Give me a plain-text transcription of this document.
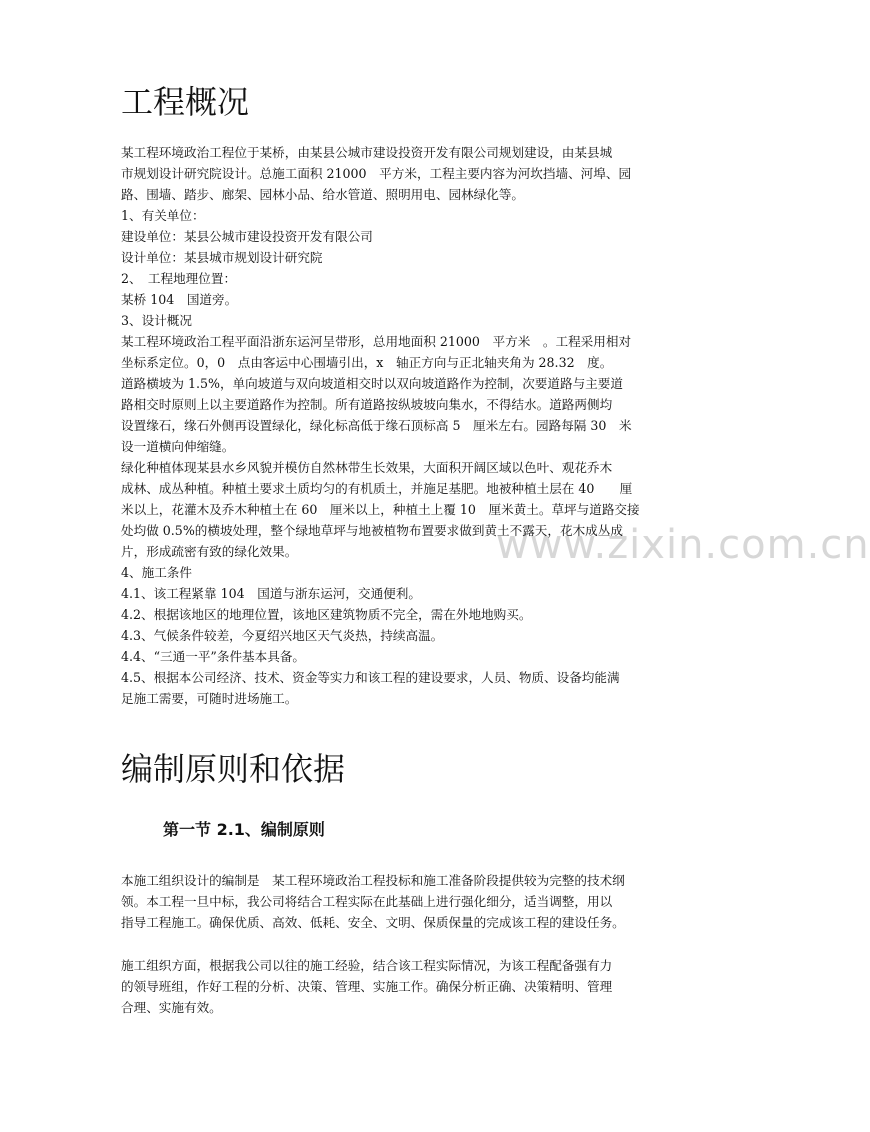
www.zixin.com.cn
工程概况
某工程环境政治工程位于某桥，由某县公城市建设投资开发有限公司规划建设，由某县城
市规划设计研究院设计。总施工面积 21000　平方米，工程主要内容为河坎挡墙、河埠、园
路、围墙、踏步、廊架、园林小品、给水管道、照明用电、园林绿化等。
1、有关单位：
建设单位：某县公城市建设投资开发有限公司
设计单位：某县城市规划设计研究院
2、　工程地理位置：
某桥 104　国道旁。
3、设计概况
某工程环境政治工程平面沿浙东运河呈带形，总用地面积 21000　平方米　。工程采用相对
坐标系定位。0，0　点由客运中心围墙引出，x　轴正方向与正北轴夹角为 28.32　度。
道路横坡为 1.5%，单向坡道与双向坡道相交时以双向坡道路作为控制，次要道路与主要道
路相交时原则上以主要道路作为控制。所有道路按纵坡坡向集水，不得结水。道路两侧均
设置缘石，缘石外侧再设置绿化，绿化标高低于缘石顶标高 5　厘米左右。园路每隔 30　米
设一道横向伸缩缝。
绿化种植体现某县水乡风貌并模仿自然林带生长效果，大面积开阔区域以色叶、观花乔木
成林、成丛种植。种植土要求土质均匀的有机质土，并施足基肥。地被种植土层在 40　　厘
米以上，花灌木及乔木种植土在 60　厘米以上，种植土上覆 10　厘米黄土。草坪与道路交接
处均做 0.5%的横坡处理，整个绿地草坪与地被植物布置要求做到黄土不露天，花木成丛成
片，形成疏密有致的绿化效果。
4、施工条件
4.1、该工程紧靠 104　国道与浙东运河，交通便利。
4.2、根据该地区的地理位置，该地区建筑物质不完全，需在外地地购买。
4.3、气候条件较差，今夏绍兴地区天气炎热，持续高温。
4.4、“三通一平”条件基本具备。
4.5、根据本公司经济、技术、资金等实力和该工程的建设要求，人员、物质、设备均能满
足施工需要，可随时进场施工。
编制原则和依据
第一节 2.1、编制原则
本施工组织设计的编制是　某工程环境政治工程投标和施工准备阶段提供较为完整的技术纲
领。本工程一旦中标，我公司将结合工程实际在此基础上进行强化细分，适当调整，用以
指导工程施工。确保优质、高效、低耗、安全、文明、保质保量的完成该工程的建设任务。
施工组织方面，根据我公司以往的施工经验，结合该工程实际情况，为该工程配备强有力
的领导班组，作好工程的分析、决策、管理、实施工作。确保分析正确、决策精明、管理
合理、实施有效。
